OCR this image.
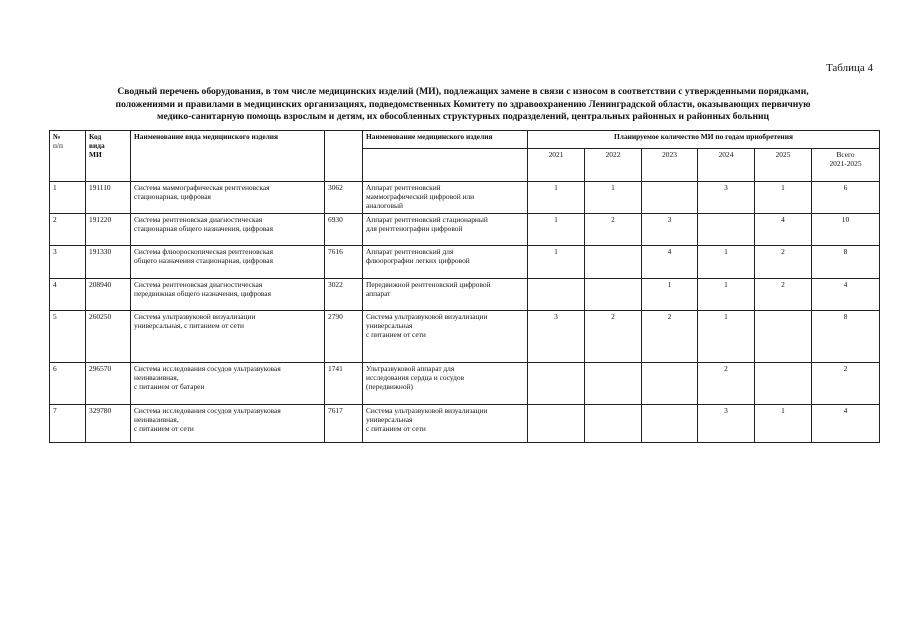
Таблица 4
Сводный перечень оборудования, в том числе медицинских изделий (МИ), подлежащих замене в связи с износом в соответствии с утвержденными порядками,
положениями и правилами в медицинских организациях, подведомственных Комитету по здравоохранению Ленинградской области, оказывающих первичную
медико-санитарную помощь взрослым и детям, их обособленных структурных подразделений, центральных районных и районных больниц
№
п/п	Код
вида
МИ	Наименование вида медицинского изделия		Наименование медицинского изделия	Планируемое количество МИ по годам приобретения					
					2021	2022	2023	2024	2025	Всего
2021-2025

1	191110	Система маммографическая рентгеновская
стационарная, цифровая	3062	Аппарат рентгеновский
маммографический цифровой или
аналоговый	1	1		3	1	6
2	191220	Система рентгеновская диагностическая
стационарная общего назначения, цифровая	6930	Аппарат рентгеновский стационарный
для рентгенографии цифровой	1	2	3		4	10
3	191330	Система флюороскопическая рентгеновская
общего назначения стационарная, цифровая	7616	Аппарат рентгеновский для
флюорографии легких цифровой	1		4	1	2	8
4	208940	Система рентгеновская диагностическая
передвижная общего назначения, цифровая	3022	Передвижной рентгеновский цифровой
аппарат			1	1	2	4
5	260250	Система ультразвуковой визуализации
универсальная, с питанием от сети	2790	Система ультразвуковой визуализации
универсальная
с питанием от сети	3	2	2	1		8
6	296570	Система исследования сосудов ультразвуковая
неинвазивная,
с питанием от батареи	1741	Ультразвуковой аппарат для
исследования сердца и сосудов
(передвижной)				2		2
7	329780	Система исследования сосудов ультразвуковая
неинвазивная,
с питанием от сети	7617	Система ультразвуковой визуализации
универсальная
с питанием от сети				3	1	4
